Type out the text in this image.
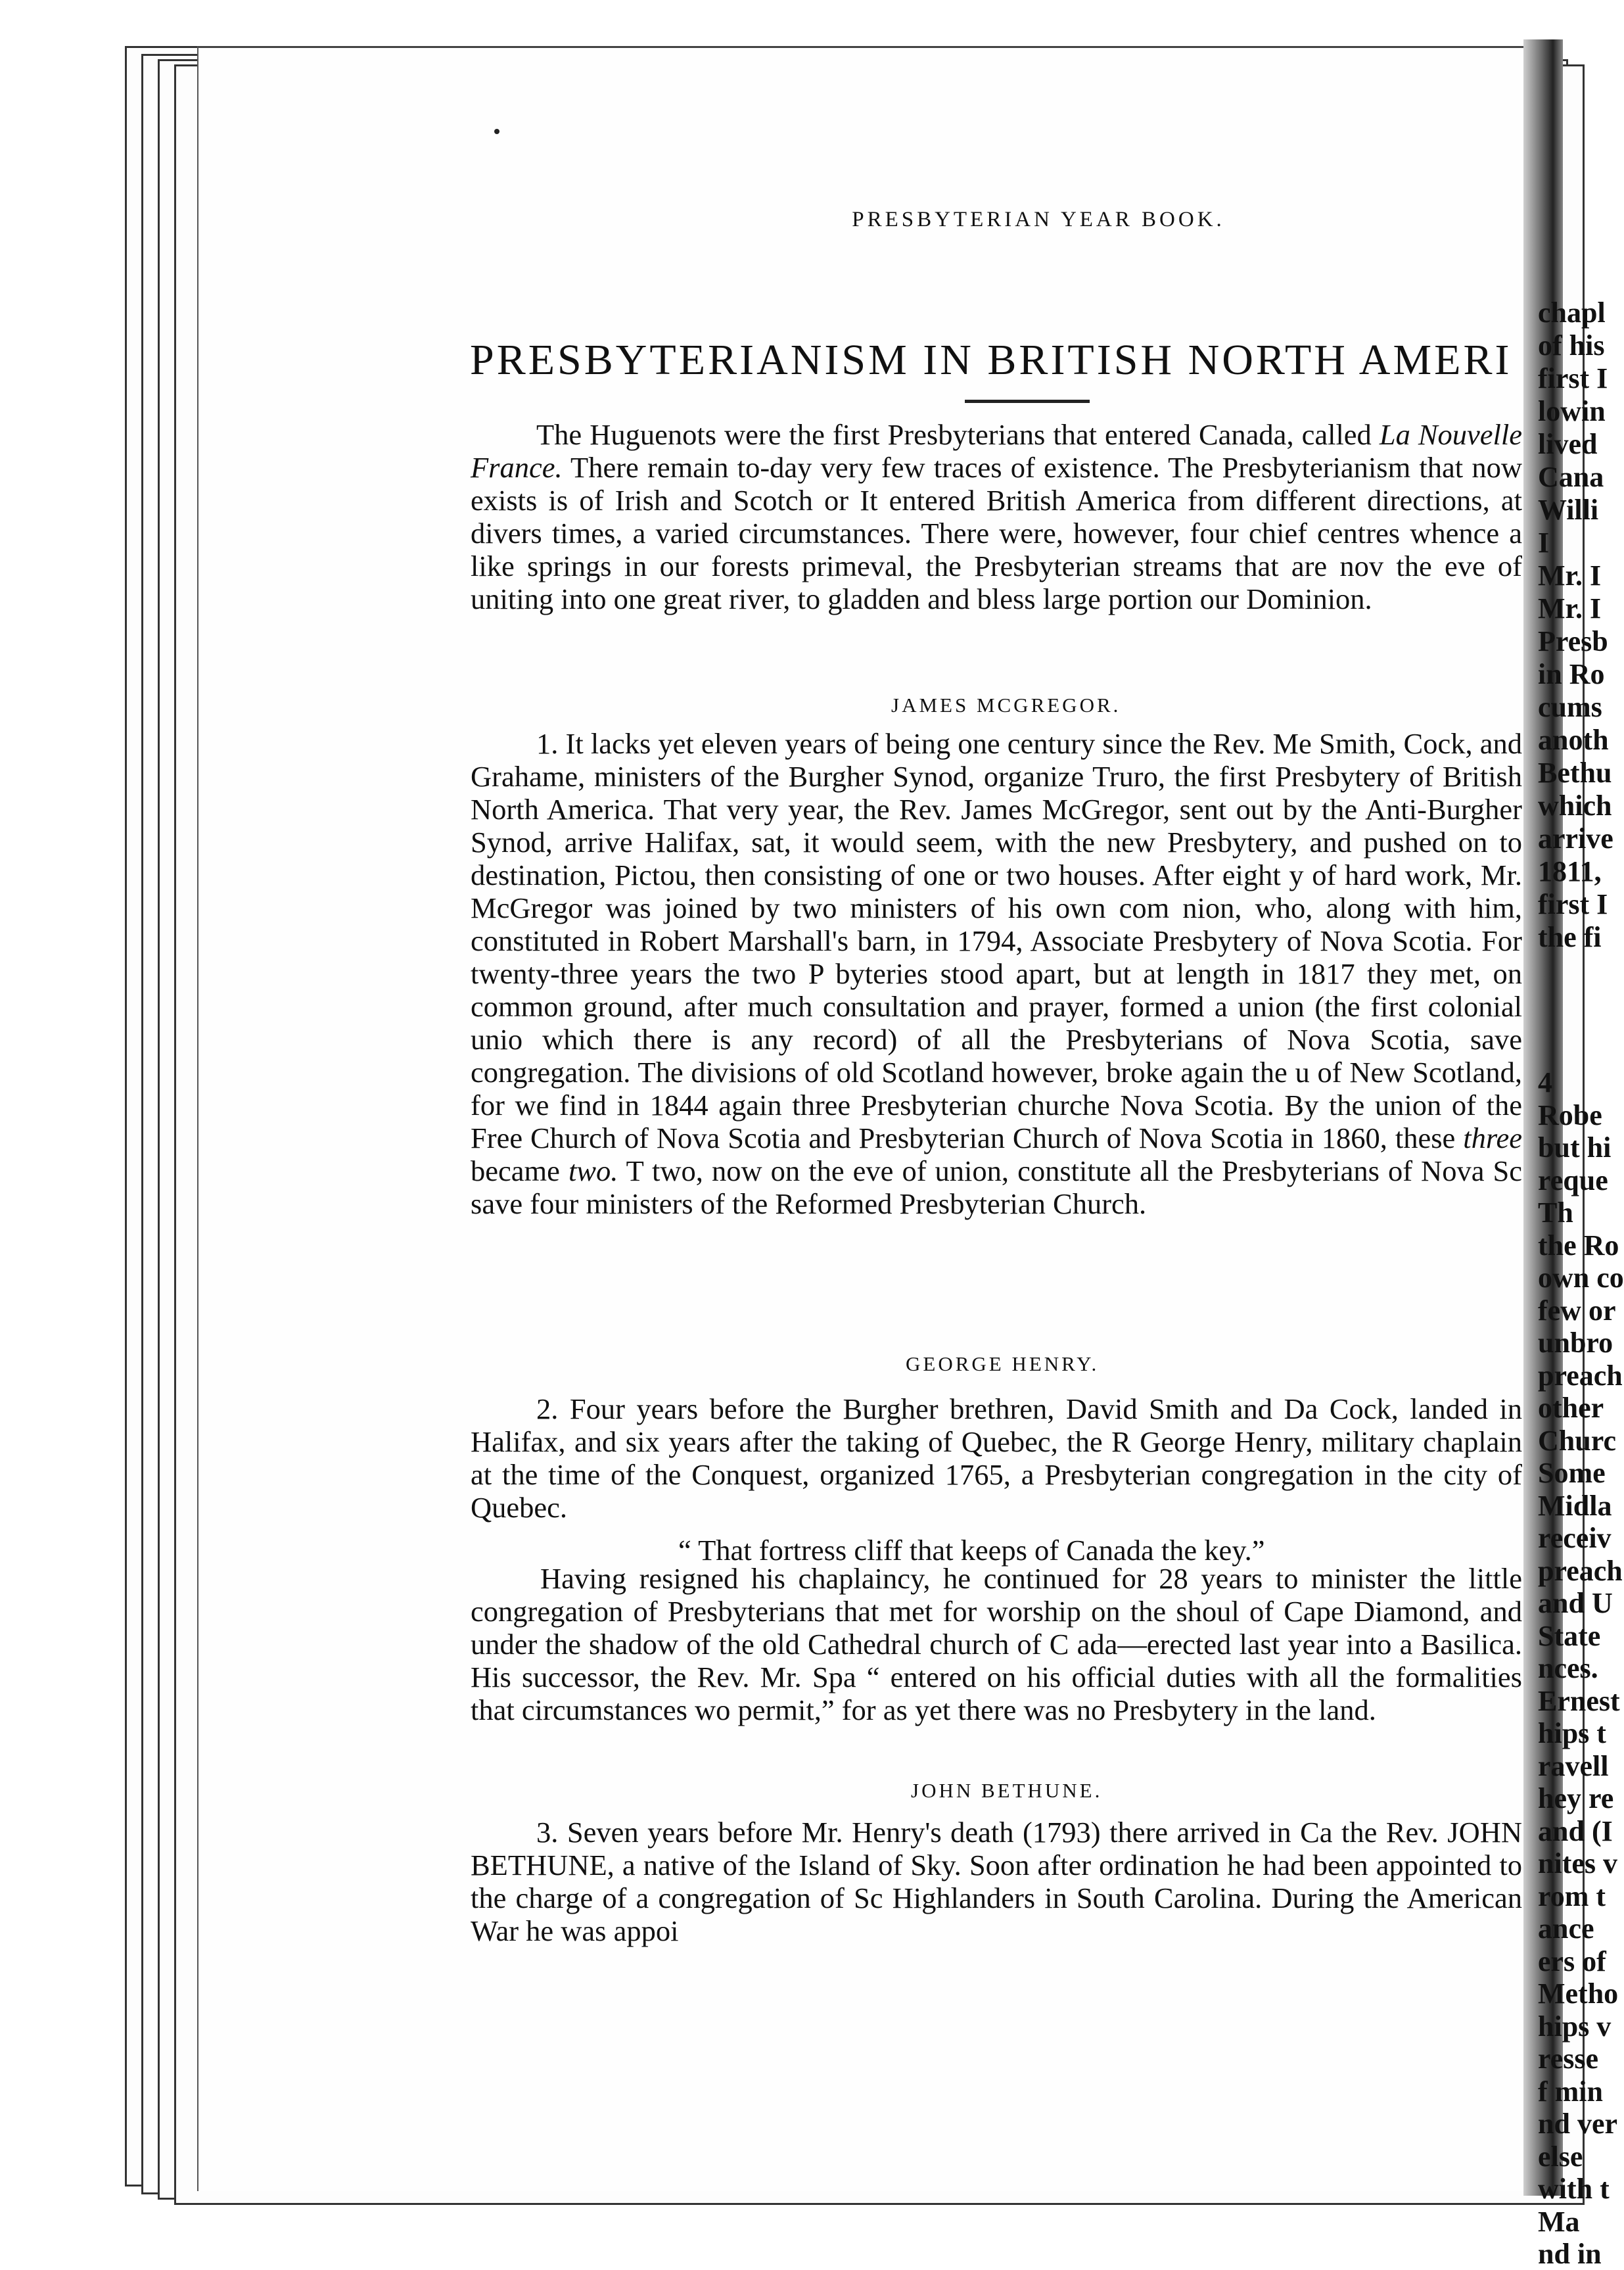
PRESBYTERIAN YEAR BOOK.
PRESBYTERIANISM IN BRITISH NORTH AMERI

The Huguenots were the first Presbyterians that entered Canada, called La Nouvelle France. There remain to-day very few traces of existence. The Presbyterianism that now exists is of Irish and Scotch or It entered British America from different directions, at divers times, a varied circumstances. There were, however, four chief centres whence a like springs in our forests primeval, the Presbyterian streams that are nov the eve of uniting into one great river, to gladden and bless large portion our Dominion.

JAMES MCGREGOR.

1. It lacks yet eleven years of being one century since the Rev. Me Smith, Cock, and Grahame, ministers of the Burgher Synod, organize Truro, the first Presbytery of British North America. That very year, the Rev. James McGregor, sent out by the Anti-Burgher Synod, arrive Halifax, sat, it would seem, with the new Presbytery, and pushed on to destination, Pictou, then consisting of one or two houses. After eight y of hard work, Mr. McGregor was joined by two ministers of his own com nion, who, along with him, constituted in Robert Marshall's barn, in 1794, Associate Presbytery of Nova Scotia. For twenty-three years the two P byteries stood apart, but at length in 1817 they met, on common ground, after much consultation and prayer, formed a union (the first colonial unio which there is any record) of all the Presbyterians of Nova Scotia, save congregation. The divisions of old Scotland however, broke again the u of New Scotland, for we find in 1844 again three Presbyterian churche Nova Scotia. By the union of the Free Church of Nova Scotia and Presbyterian Church of Nova Scotia in 1860, these three became two. T two, now on the eve of union, constitute all the Presbyterians of Nova Sc save four ministers of the Reformed Presbyterian Church.

GEORGE HENRY.

2. Four years before the Burgher brethren, David Smith and Da Cock, landed in Halifax, and six years after the taking of Quebec, the R George Henry, military chaplain at the time of the Conquest, organized 1765, a Presbyterian congregation in the city of Quebec.

“ That fortress cliff that keeps of Canada the key.”

Having resigned his chaplaincy, he continued for 28 years to minister the little congregation of Presbyterians that met for worship on the shoul of Cape Diamond, and under the shadow of the old Cathedral church of C ada—erected last year into a Basilica. His successor, the Rev. Mr. Spa “ entered on his official duties with all the formalities that circumstances wo permit,” for as yet there was no Presbytery in the land.

JOHN BETHUNE.

3. Seven years before Mr. Henry's death (1793) there arrived in Ca the Rev. JOHN BETHUNE, a native of the Island of Sky. Soon after ordination he had been appointed to the charge of a congregation of Sc Highlanders in South Carolina. During the American War he was appoi

chapl
of his
first I
lowin
lived
Cana
Willi
I
Mr. I
Mr. I
Presb
in Ro
cums
anoth
Bethu
which
arrive
1811,
first I
the fi
4
Robe
but hi
reque
Th
the Ro
own co
few or
unbro
preach
other
Churc
Some
Midla
receiv
preach
and U
State
nces.
Ernest
hips t
ravell
hey re
and (I
nites v
rom t
ance
ers of
Metho
hips v
resse
f min
nd ver
else
with t
Ma
nd in
